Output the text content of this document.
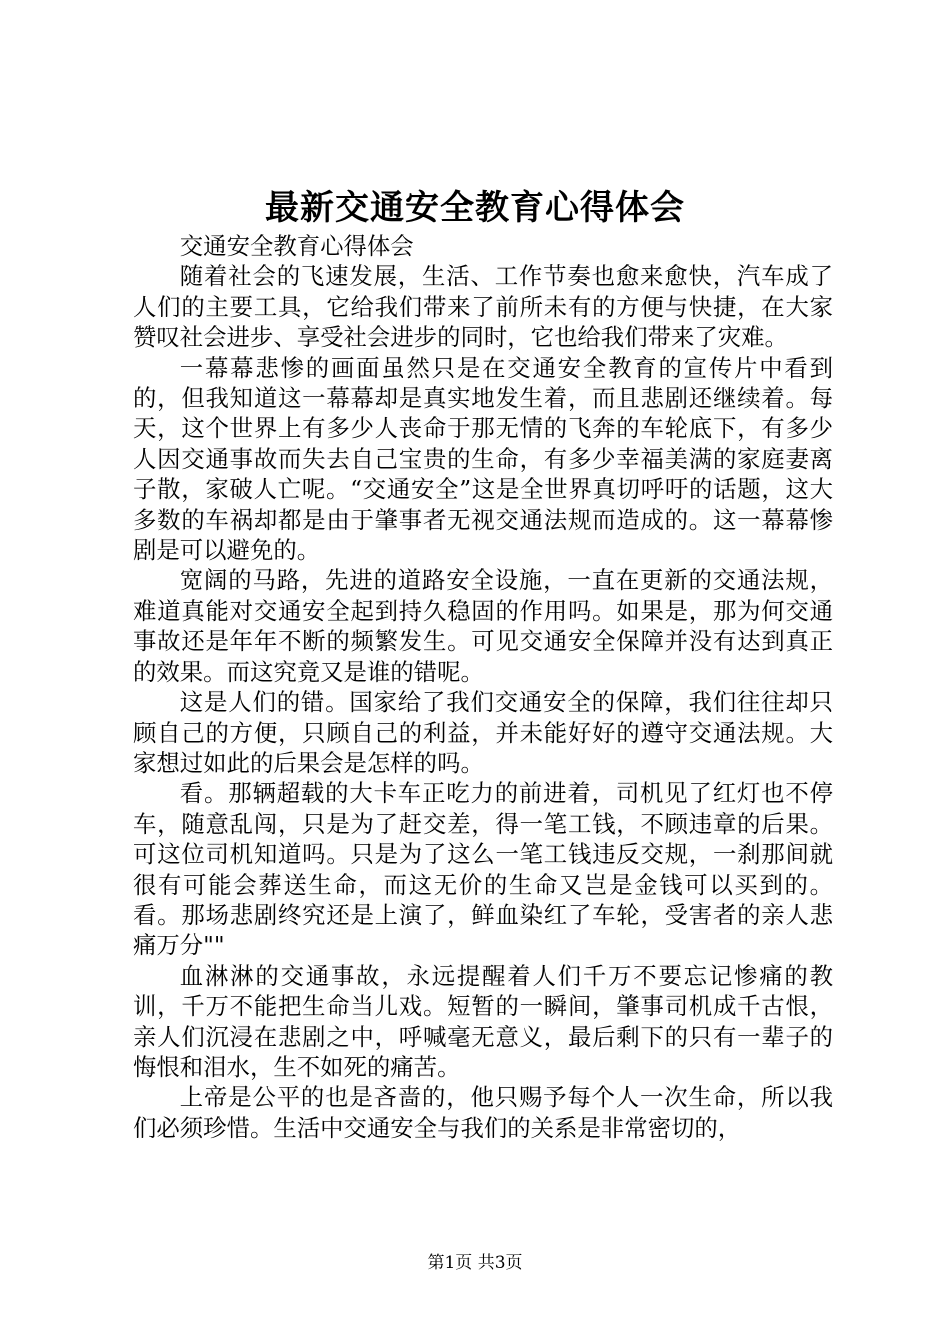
最新交通安全教育心得体会

交通安全教育心得体会

随着社会的飞速发展，生活、工作节奏也愈来愈快，汽车成了人们的主要工具，它给我们带来了前所未有的方便与快捷，在大家赞叹社会进步、享受社会进步的同时，它也给我们带来了灾难。

一幕幕悲惨的画面虽然只是在交通安全教育的宣传片中看到的，但我知道这一幕幕却是真实地发生着，而且悲剧还继续着。每天，这个世界上有多少人丧命于那无情的飞奔的车轮底下，有多少人因交通事故而失去自己宝贵的生命，有多少幸福美满的家庭妻离子散，家破人亡呢。“交通安全”这是全世界真切呼吁的话题，这大多数的车祸却都是由于肇事者无视交通法规而造成的。这一幕幕惨剧是可以避免的。

宽阔的马路，先进的道路安全设施，一直在更新的交通法规，难道真能对交通安全起到持久稳固的作用吗。如果是，那为何交通事故还是年年不断的频繁发生。可见交通安全保障并没有达到真正的效果。而这究竟又是谁的错呢。

这是人们的错。国家给了我们交通安全的保障，我们往往却只顾自己的方便，只顾自己的利益，并未能好好的遵守交通法规。大家想过如此的后果会是怎样的吗。

看。那辆超载的大卡车正吃力的前进着，司机见了红灯也不停车，随意乱闯，只是为了赶交差，得一笔工钱，不顾违章的后果。可这位司机知道吗。只是为了这么一笔工钱违反交规，一刹那间就很有可能会葬送生命，而这无价的生命又岂是金钱可以买到的。看。那场悲剧终究还是上演了，鲜血染红了车轮，受害者的亲人悲痛万分""

血淋淋的交通事故，永远提醒着人们千万不要忘记惨痛的教训，千万不能把生命当儿戏。短暂的一瞬间，肇事司机成千古恨，亲人们沉浸在悲剧之中，呼喊毫无意义，最后剩下的只有一辈子的悔恨和泪水，生不如死的痛苦。

上帝是公平的也是吝啬的，他只赐予每个人一次生命，所以我们必须珍惜。生活中交通安全与我们的关系是非常密切的，

第1页 共3页
